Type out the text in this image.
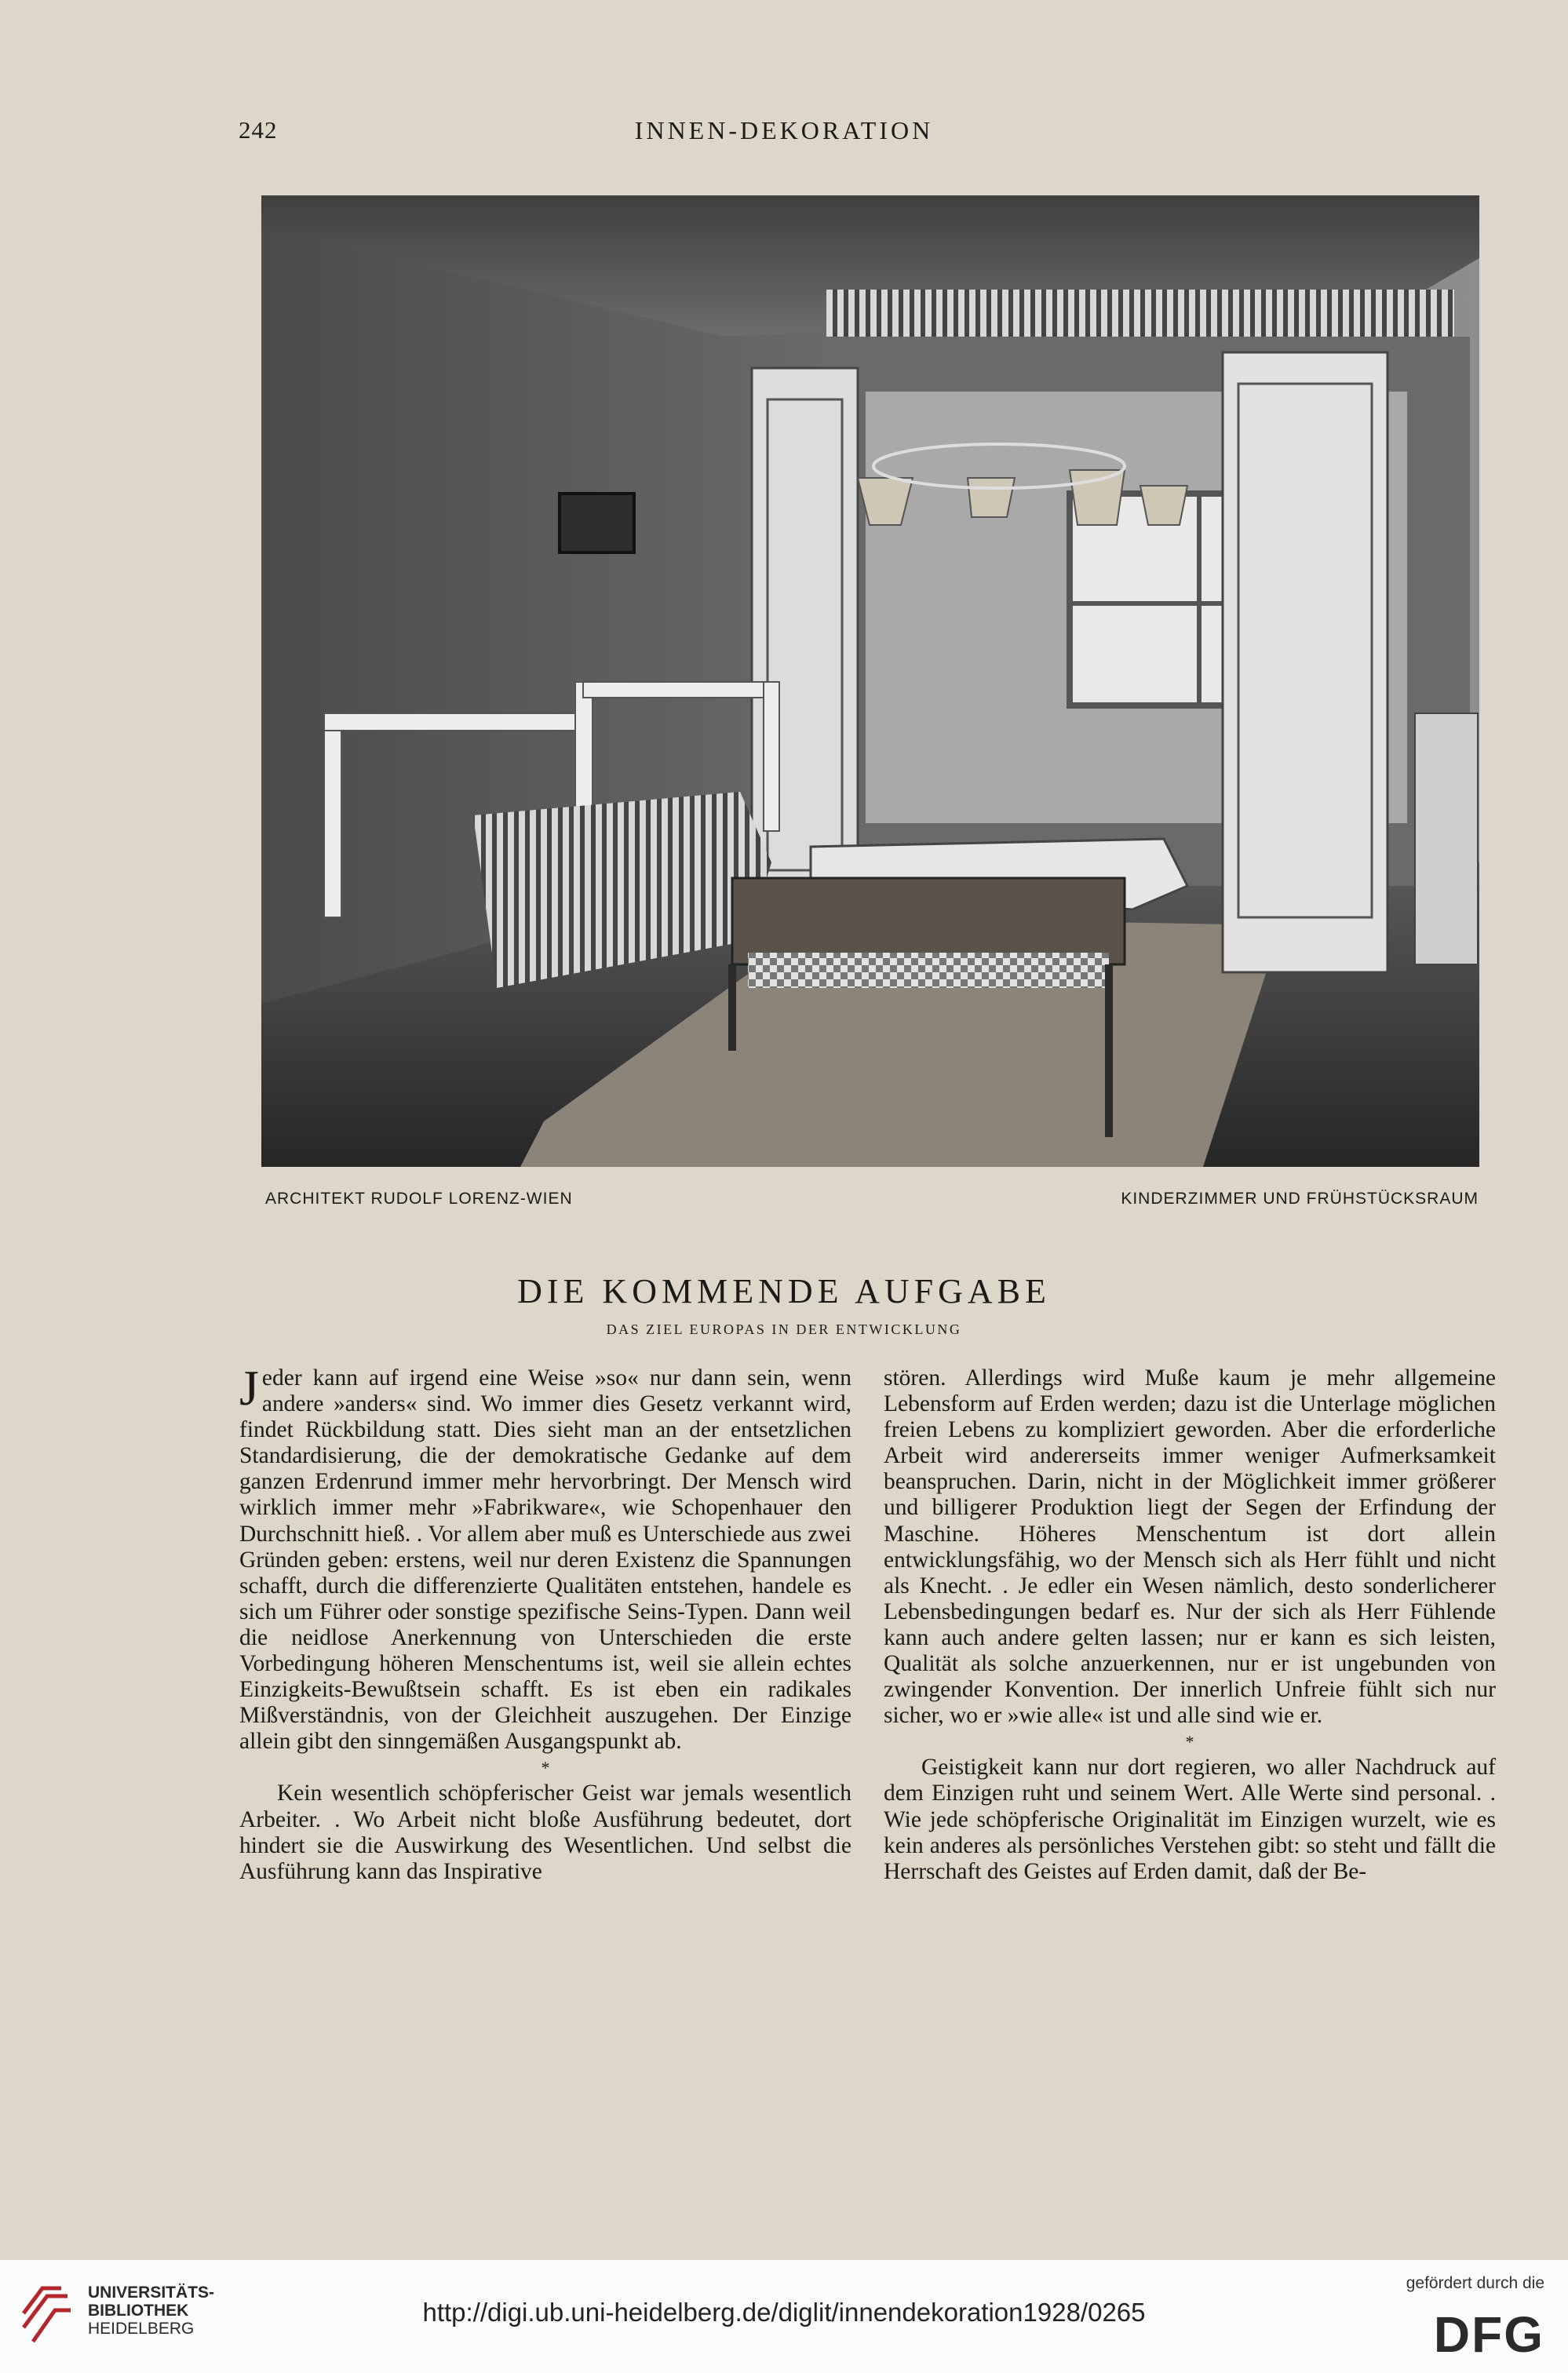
242	INNEN-DEKORATION
ARCHITEKT RUDOLF LORENZ-WIEN	KINDERZIMMER UND FRÜHSTÜCKSRAUM
DIE KOMMENDE AUFGABE
DAS ZIEL EUROPAS IN DER ENTWICKLUNG

Jeder kann auf irgend eine Weise »so« nur dann sein, wenn andere »anders« sind. Wo immer dies Gesetz verkannt wird, findet Rückbildung statt. Dies sieht man an der entsetzlichen Standardisierung, die der demokratische Gedanke auf dem ganzen Erdenrund immer mehr hervorbringt. Der Mensch wird wirklich immer mehr »Fabrikware«, wie Schopenhauer den Durchschnitt hieß. . Vor allem aber muß es Unterschiede aus zwei Gründen geben: erstens, weil nur deren Existenz die Spannungen schafft, durch die differenzierte Qualitäten entstehen, handele es sich um Führer oder sonstige spezifische Seins-Typen. Dann weil die neidlose Anerkennung von Unterschieden die erste Vorbedingung höheren Menschentums ist, weil sie allein echtes Einzigkeits-Bewußtsein schafft. Es ist eben ein radikales Mißverständnis, von der Gleichheit auszugehen. Der Einzige allein gibt den sinngemäßen Ausgangspunkt ab.

*

Kein wesentlich schöpferischer Geist war jemals wesentlich Arbeiter. . Wo Arbeit nicht bloße Ausführung bedeutet, dort hindert sie die Auswirkung des Wesentlichen. Und selbst die Ausführung kann das Inspirative

stören. Allerdings wird Muße kaum je mehr allgemeine Lebensform auf Erden werden; dazu ist die Unterlage möglichen freien Lebens zu kompliziert geworden. Aber die erforderliche Arbeit wird andererseits immer weniger Aufmerksamkeit beanspruchen. Darin, nicht in der Möglichkeit immer größerer und billigerer Produktion liegt der Segen der Erfindung der Maschine. Höheres Menschentum ist dort allein entwicklungsfähig, wo der Mensch sich als Herr fühlt und nicht als Knecht. . Je edler ein Wesen nämlich, desto sonderlicherer Lebensbedingungen bedarf es. Nur der sich als Herr Fühlende kann auch andere gelten lassen; nur er kann es sich leisten, Qualität als solche anzuerkennen, nur er ist ungebunden von zwingender Konvention. Der innerlich Unfreie fühlt sich nur sicher, wo er »wie alle« ist und alle sind wie er.

*

Geistigkeit kann nur dort regieren, wo aller Nachdruck auf dem Einzigen ruht und seinem Wert. Alle Werte sind personal. . Wie jede schöpferische Originalität im Einzigen wurzelt, wie es kein anderes als persönliches Verstehen gibt: so steht und fällt die Herrschaft des Geistes auf Erden damit, daß der Be-

UNIVERSITÄTS-
BIBLIOTHEK
HEIDELBERG
http://digi.ub.uni-heidelberg.de/diglit/innendekoration1928/0265
gefördert durch die
DFG
